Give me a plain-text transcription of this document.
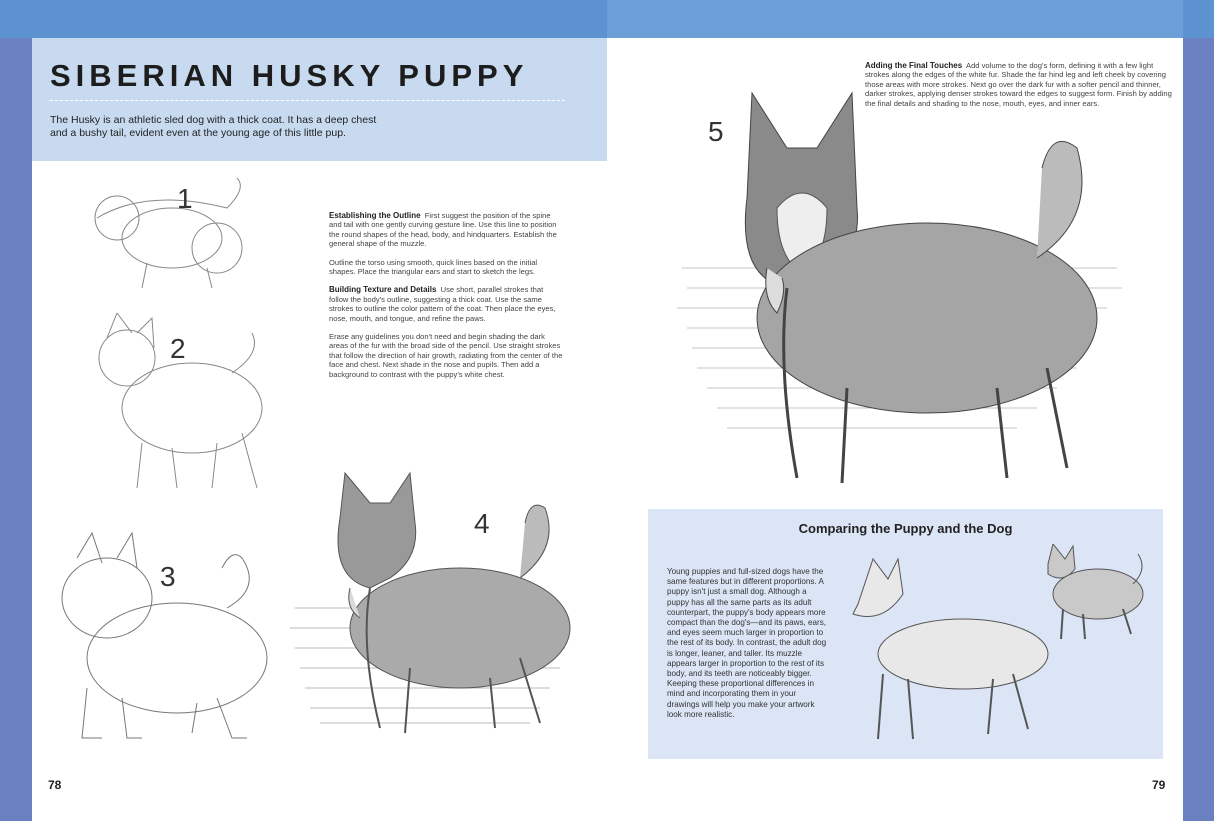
SIBERIAN HUSKY PUPPY
The Husky is an athletic sled dog with a thick coat. It has a deep chest and a bushy tail, evident even at the young age of this little pup.
1
2
3
4

Establishing the Outline First suggest the position of the spine and tail with one gently curving gesture line. Use this line to position the round shapes of the head, body, and hindquarters. Establish the general shape of the muzzle.

Outline the torso using smooth, quick lines based on the initial shapes. Place the triangular ears and start to sketch the legs.

Building Texture and Details Use short, parallel strokes that follow the body's outline, suggesting a thick coat. Use the same strokes to outline the color pattern of the coat. Then place the eyes, nose, mouth, and tongue, and refine the paws.

Erase any guidelines you don't need and begin shading the dark areas of the fur with the broad side of the pencil. Use straight strokes that follow the direction of hair growth, radiating from the center of the face and chest. Next shade in the nose and pupils. Then add a background to contrast with the puppy's white chest.

78

Adding the Final Touches Add volume to the dog's form, defining it with a few light strokes along the edges of the white fur. Shade the far hind leg and left cheek by covering those areas with more strokes. Next go over the dark fur with a softer pencil and thinner, darker strokes, applying denser strokes toward the edges to suggest form. Finish by adding the final details and shading to the nose, mouth, eyes, and inner ears.

5
Comparing the Puppy and the Dog
Young puppies and full-sized dogs have the same features but in different proportions. A puppy isn't just a small dog. Although a puppy has all the same parts as its adult counterpart, the puppy's body appears more compact than the dog's—and its paws, ears, and eyes seem much larger in proportion to the rest of its body. In contrast, the adult dog is longer, leaner, and taller. Its muzzle appears larger in proportion to the rest of its body, and its teeth are noticeably bigger. Keeping these proportional differences in mind and incorporating them in your drawings will help you make your artwork look more realistic.
79
